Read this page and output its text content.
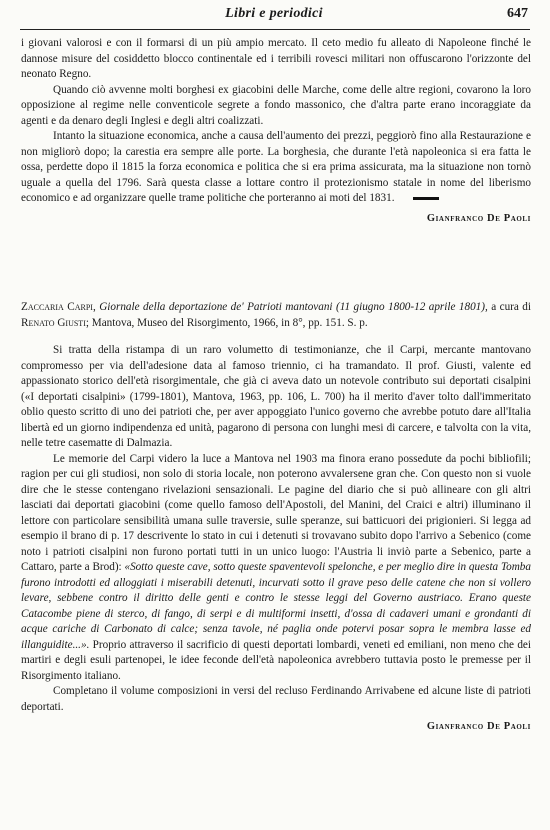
Libri e periodici	647

i giovani valorosi e con il formarsi di un più ampio mercato. Il ceto medio fu alleato di Napoleone finché le dannose misure del cosiddetto blocco continentale ed i terribili rovesci militari non offuscarono l'orizzonte del neonato Regno.

Quando ciò avvenne molti borghesi ex giacobini delle Marche, come delle altre regioni, covarono la loro opposizione al regime nelle conventicole segrete a fondo massonico, che d'altra parte erano incoraggiate da agenti e da denaro degli Inglesi e degli altri coalizzati.

Intanto la situazione economica, anche a causa dell'aumento dei prezzi, peggiorò fino alla Restaurazione e non migliorò dopo; la carestia era sempre alle porte. La borghesia, che durante l'età napoleonica si era fatta le ossa, perdette dopo il 1815 la forza economica e politica che si era prima assicurata, ma la situazione non tornò uguale a quella del 1796. Sarà questa classe a lottare contro il protezionismo statale in nome del liberismo economico e ad organizzare quelle trame politiche che porteranno ai moti del 1831.

Gianfranco De Paoli

Zaccaria Carpi, Giornale della deportazione de' Patrioti mantovani (11 giugno 1800-12 aprile 1801), a cura di Renato Giusti; Mantova, Museo del Risorgimento, 1966, in 8°, pp. 151. S. p.

Si tratta della ristampa di un raro volumetto di testimonianze, che il Carpi, mercante mantovano compromesso per via dell'adesione data al famoso triennio, ci ha tramandato. Il prof. Giusti, valente ed appassionato storico dell'età risorgimentale, che già ci aveva dato un notevole contributo sui deportati cisalpini («I deportati cisalpini» (1799-1801), Mantova, 1963, pp. 106, L. 700) ha il merito d'aver tolto dall'immeritato oblio questo scritto di uno dei patrioti che, per aver appoggiato l'unico governo che avrebbe potuto dare all'Italia libertà ed un giorno indipendenza ed unità, pagarono di persona con lunghi mesi di carcere, e talvolta con la vita, nelle tetre casematte di Dalmazia.

Le memorie del Carpi videro la luce a Mantova nel 1903 ma finora erano possedute da pochi bibliofili; ragion per cui gli studiosi, non solo di storia locale, non poterono avvalersene gran che. Con questo non si vuole dire che le stesse contengano rivelazioni sensazionali. Le pagine del diario che si può allineare con gli altri lasciati dai deportati giacobini (come quello famoso dell'Apostoli, del Manini, del Craici e altri) illuminano il lettore con particolare sensibilità umana sulle traversie, sulle speranze, sui batticuori dei prigionieri. Si legga ad esempio il brano di p. 17 descrivente lo stato in cui i detenuti si trovavano subito dopo l'arrivo a Sebenico (come noto i patrioti cisalpini non furono portati tutti in un unico luogo: l'Austria li inviò parte a Sebenico, parte a Cattaro, parte a Brod): «Sotto queste cave, sotto queste spaventevoli spelonche, e per meglio dire in questa Tomba furono introdotti ed alloggiati i miserabili detenuti, incurvati sotto il grave peso delle catene che non si vollero levare, sebbene contro il diritto delle genti e contro le stesse leggi del Governo austriaco. Erano queste Catacombe piene di sterco, di fango, di serpi e di multiformi insetti, d'ossa di cadaveri umani e grondanti di acque cariche di Carbonato di calce; senza tavole, né paglia onde potervi posar sopra le membra lasse ed illanguidite...». Proprio attraverso il sacrificio di questi deportati lombardi, veneti ed emiliani, non meno che dei martiri e degli esuli partenopei, le idee feconde dell'età napoleonica avrebbero tuttavia posto le premesse per il Risorgimento italiano.

Completano il volume composizioni in versi del recluso Ferdinando Arrivabene ed alcune liste di patrioti deportati.

Gianfranco De Paoli
